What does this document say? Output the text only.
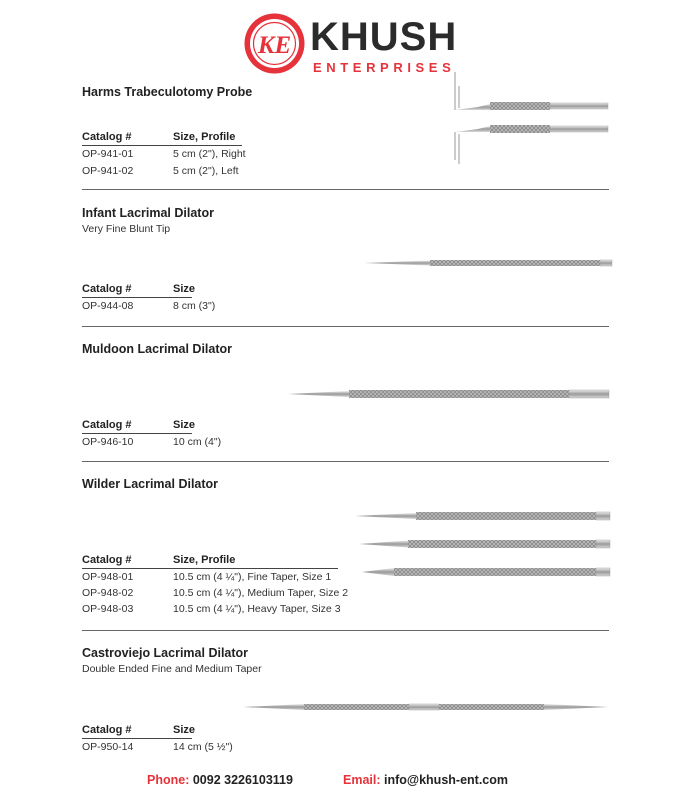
KE KHUSH
ENTERPRISES
Harms Trabeculotomy Probe
Catalog #	Size, Profile
OP-941-01	5 cm (2"), Right
OP-941-02	5 cm (2"), Left
Infant Lacrimal Dilator
Very Fine Blunt Tip
Catalog #	Size
OP-944-08	8 cm (3")
Muldoon Lacrimal Dilator
Catalog #	Size
OP-946-10	10 cm (4")
Wilder Lacrimal Dilator
Catalog #	Size, Profile
OP-948-01	10.5 cm (4 ¼"), Fine Taper, Size 1
OP-948-02	10.5 cm (4 ¼"), Medium Taper, Size 2
OP-948-03	10.5 cm (4 ¼"), Heavy Taper, Size 3
Castroviejo Lacrimal Dilator
Double Ended Fine and Medium Taper
Catalog #	Size
OP-950-14	14 cm (5 ½")
Phone: 0092 3226103119	Email: info@khush-ent.com
